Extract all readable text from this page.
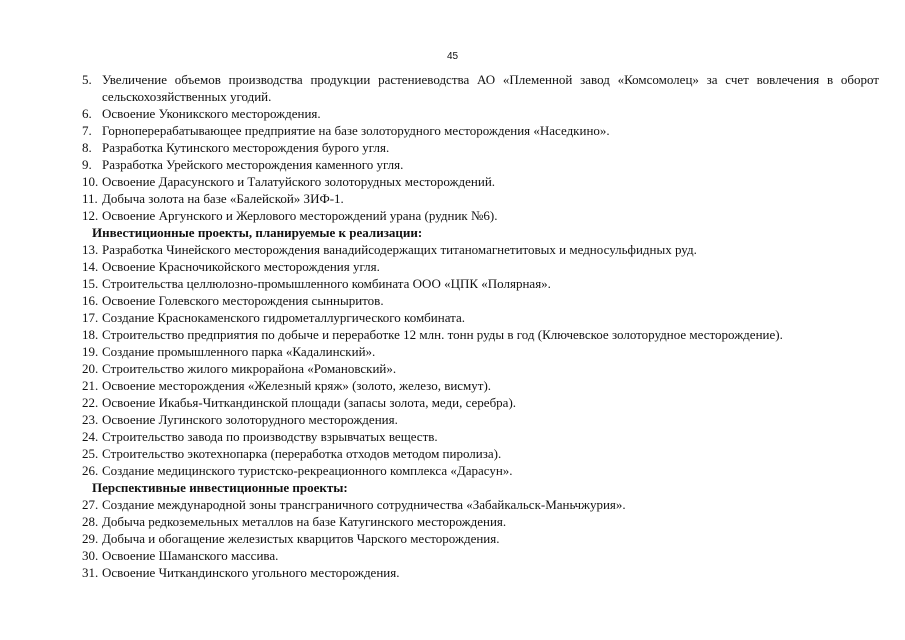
45
5. Увеличение объемов производства продукции растениеводства АО «Племенной завод «Комсомолец» за счет вовлечения в оборот сельскохозяйственных угодий.
6. Освоение Уконикского месторождения.
7. Горноперерабатывающее предприятие на базе золоторудного месторождения «Наседкино».
8. Разработка Кутинского месторождения бурого угля.
9. Разработка Урейского месторождения каменного угля.
10. Освоение Дарасунского и Талатуйского золоторудных месторождений.
11. Добыча золота на базе «Балейской» ЗИФ-1.
12. Освоение Аргунского и Жерлового месторождений урана (рудник №6).
Инвестиционные проекты, планируемые к реализации:
13. Разработка Чинейского месторождения ванадийсодержащих титаномагнетитовых и медносульфидных руд.
14. Освоение Красночикойского месторождения угля.
15. Строительства целлюлозно-промышленного комбината ООО «ЦПК «Полярная».
16. Освоение Голевского месторождения сынныритов.
17. Создание Краснокаменского гидрометаллургического комбината.
18. Строительство предприятия по добыче и переработке 12 млн. тонн руды в год (Ключевское золоторудное месторождение).
19. Создание промышленного парка «Кадалинский».
20. Строительство жилого микрорайона «Романовский».
21. Освоение месторождения «Железный кряж» (золото, железо, висмут).
22. Освоение Икабья-Читкандинской площади (запасы золота, меди, серебра).
23. Освоение Лугинского золоторудного месторождения.
24. Строительство завода по производству взрывчатых веществ.
25. Строительство экотехнопарка (переработка отходов методом пиролиза).
26. Создание медицинского туристско-рекреационного комплекса «Дарасун».
Перспективные инвестиционные проекты:
27. Создание международной зоны трансграничного сотрудничества «Забайкальск-Маньчжурия».
28. Добыча редкоземельных металлов на базе Катугинского месторождения.
29. Добыча и обогащение железистых кварцитов Чарского месторождения.
30. Освоение Шаманского массива.
31. Освоение Читкандинского угольного месторождения.
